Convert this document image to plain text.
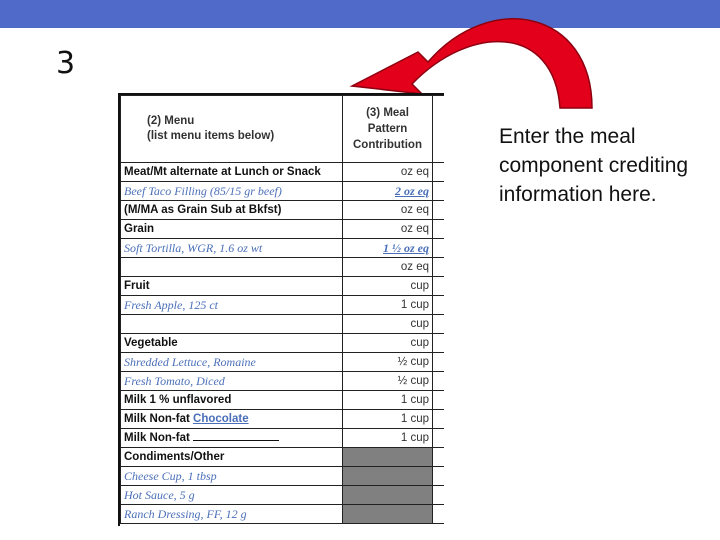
3
Enter the meal component crediting information here.
(2) Menu
(list menu items below)	(3) Meal
Pattern
Contribution	
Meat/Mt alternate at Lunch or Snack	oz eq	
Beef Taco Filling (85/15 gr beef)	2 oz eq	
(M/MA as Grain Sub at Bkfst)	oz eq	
Grain	oz eq	
Soft Tortilla, WGR, 1.6 oz wt	1 ½ oz eq	
	oz eq	
Fruit	cup	
Fresh Apple, 125 ct	1 cup	
	cup	
Vegetable	cup	
Shredded Lettuce, Romaine	½ cup	
Fresh Tomato, Diced	½ cup	
Milk 1 % unflavored	1 cup	
Milk Non-fat Chocolate	1 cup	
Milk Non-fat	1 cup	
Condiments/Other		
Cheese Cup, 1 tbsp		
Hot Sauce, 5 g		
Ranch Dressing, FF, 12 g		
